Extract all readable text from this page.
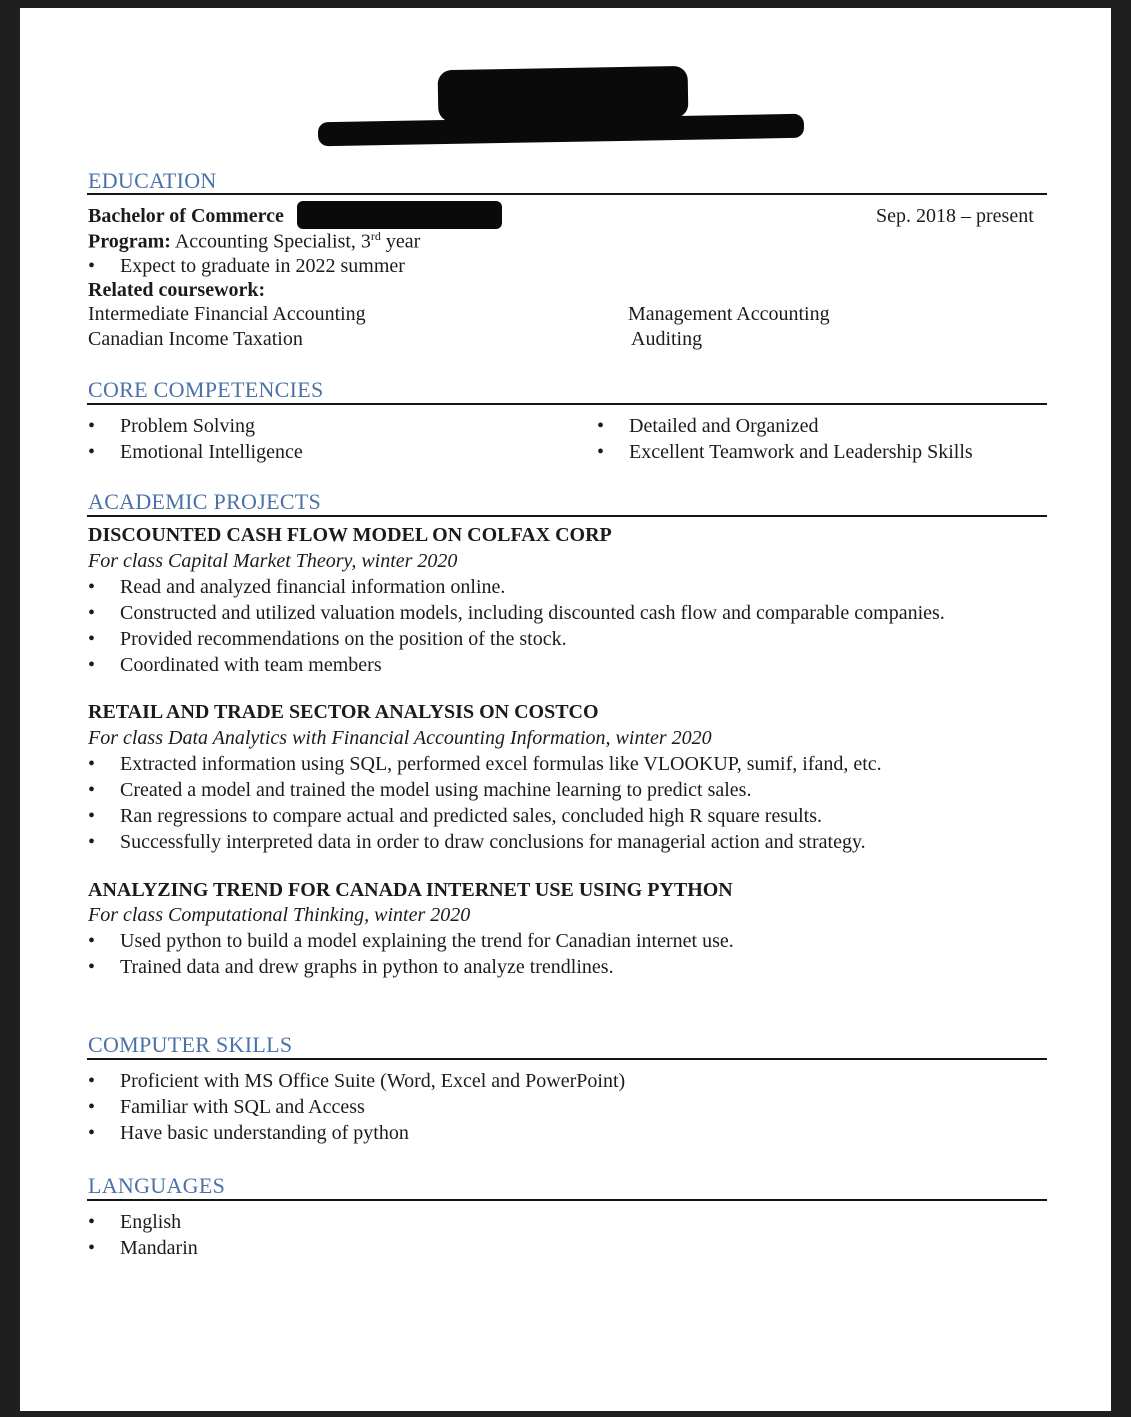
EDUCATION
Bachelor of Commerce	Sep. 2018 – present
Program: Accounting Specialist, 3rd year
• Expect to graduate in 2022 summer
Related coursework:
Intermediate Financial Accounting	Management Accounting
Canadian Income Taxation	Auditing
CORE COMPETENCIES
• Problem Solving
• Emotional Intelligence
• Detailed and Organized
• Excellent Teamwork and Leadership Skills
ACADEMIC PROJECTS
DISCOUNTED CASH FLOW MODEL ON COLFAX CORP
For class Capital Market Theory, winter 2020
• Read and analyzed financial information online.
• Constructed and utilized valuation models, including discounted cash flow and comparable companies.
• Provided recommendations on the position of the stock.
• Coordinated with team members
RETAIL AND TRADE SECTOR ANALYSIS ON COSTCO
For class Data Analytics with Financial Accounting Information, winter 2020
• Extracted information using SQL, performed excel formulas like VLOOKUP, sumif, ifand, etc.
• Created a model and trained the model using machine learning to predict sales.
• Ran regressions to compare actual and predicted sales, concluded high R square results.
• Successfully interpreted data in order to draw conclusions for managerial action and strategy.
ANALYZING TREND FOR CANADA INTERNET USE USING PYTHON
For class Computational Thinking, winter 2020
• Used python to build a model explaining the trend for Canadian internet use.
• Trained data and drew graphs in python to analyze trendlines.
COMPUTER SKILLS
• Proficient with MS Office Suite (Word, Excel and PowerPoint)
• Familiar with SQL and Access
• Have basic understanding of python
LANGUAGES
• English
• Mandarin
